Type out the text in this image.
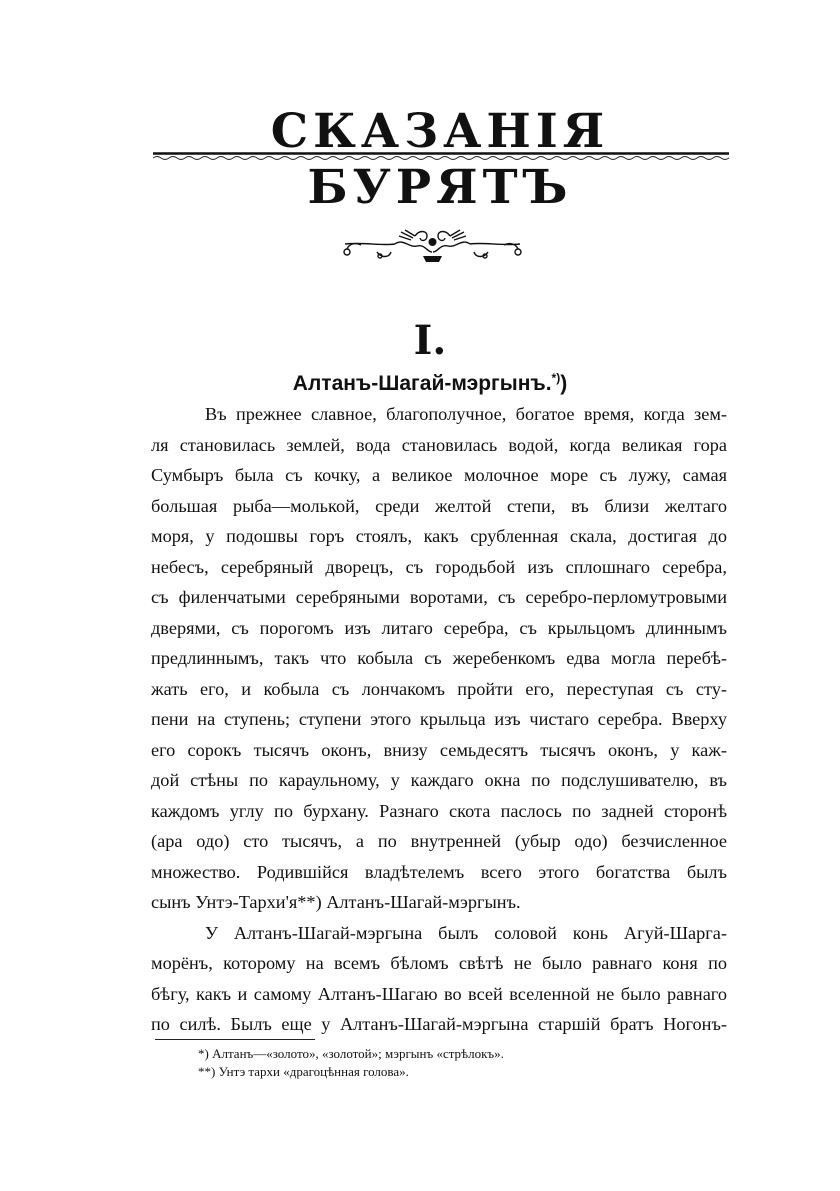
СКАЗАНІЯ БУРЯТЪ
I.
Алтанъ-Шагай-мэргынъ.*))
Въ прежнее славное, благополучное, богатое время, когда зем-
ля становилась землей, вода становилась водой, когда великая гора
Сумбыръ была съ кочку, а великое молочное море съ лужу, самая
большая рыба—молькой, среди желтой степи, въ близи желтаго
моря, у подошвы горъ стоялъ, какъ срубленная скала, достигая до
небесъ, серебряный дворецъ, съ городьбой изъ сплошнаго серебра,
съ филенчатыми серебряными воротами, съ серебро-перломутровыми
дверями, съ порогомъ изъ литаго серебра, съ крыльцомъ длиннымъ
предлиннымъ, такъ что кобыла съ жеребенкомъ едва могла перебѣ-
жать его, и кобыла съ лончакомъ пройти его, переступая съ сту-
пени на ступень; ступени этого крыльца изъ чистаго серебра. Вверху
его сорокъ тысячъ оконъ, внизу семьдесятъ тысячъ оконъ, у каж-
дой стѣны по караульному, у каждаго окна по подслушивателю, въ
каждомъ углу по бурхану. Разнаго скота паслось по задней сторонѣ
(ара одо) сто тысячъ, а по внутренней (убыр одо) безчисленное
множество. Родившійся владѣтелемъ всего этого богатства былъ
сынъ Унтэ-Тархи'я**) Алтанъ-Шагай-мэргынъ.
У Алтанъ-Шагай-мэргына былъ соловой конь Агуй-Шарга-
морёнъ, которому на всемъ бѣломъ свѣтѣ не было равнаго коня по
бѣгу, какъ и самому Алтанъ-Шагаю во всей вселенной не было равнаго
по силѣ. Былъ еще у Алтанъ-Шагай-мэргына старшій братъ Ногонъ-
*) Алтанъ—«золото», «золотой»; мэргынъ «стрѣлокъ».
**) Унтэ тархи «драгоцѣнная голова».
